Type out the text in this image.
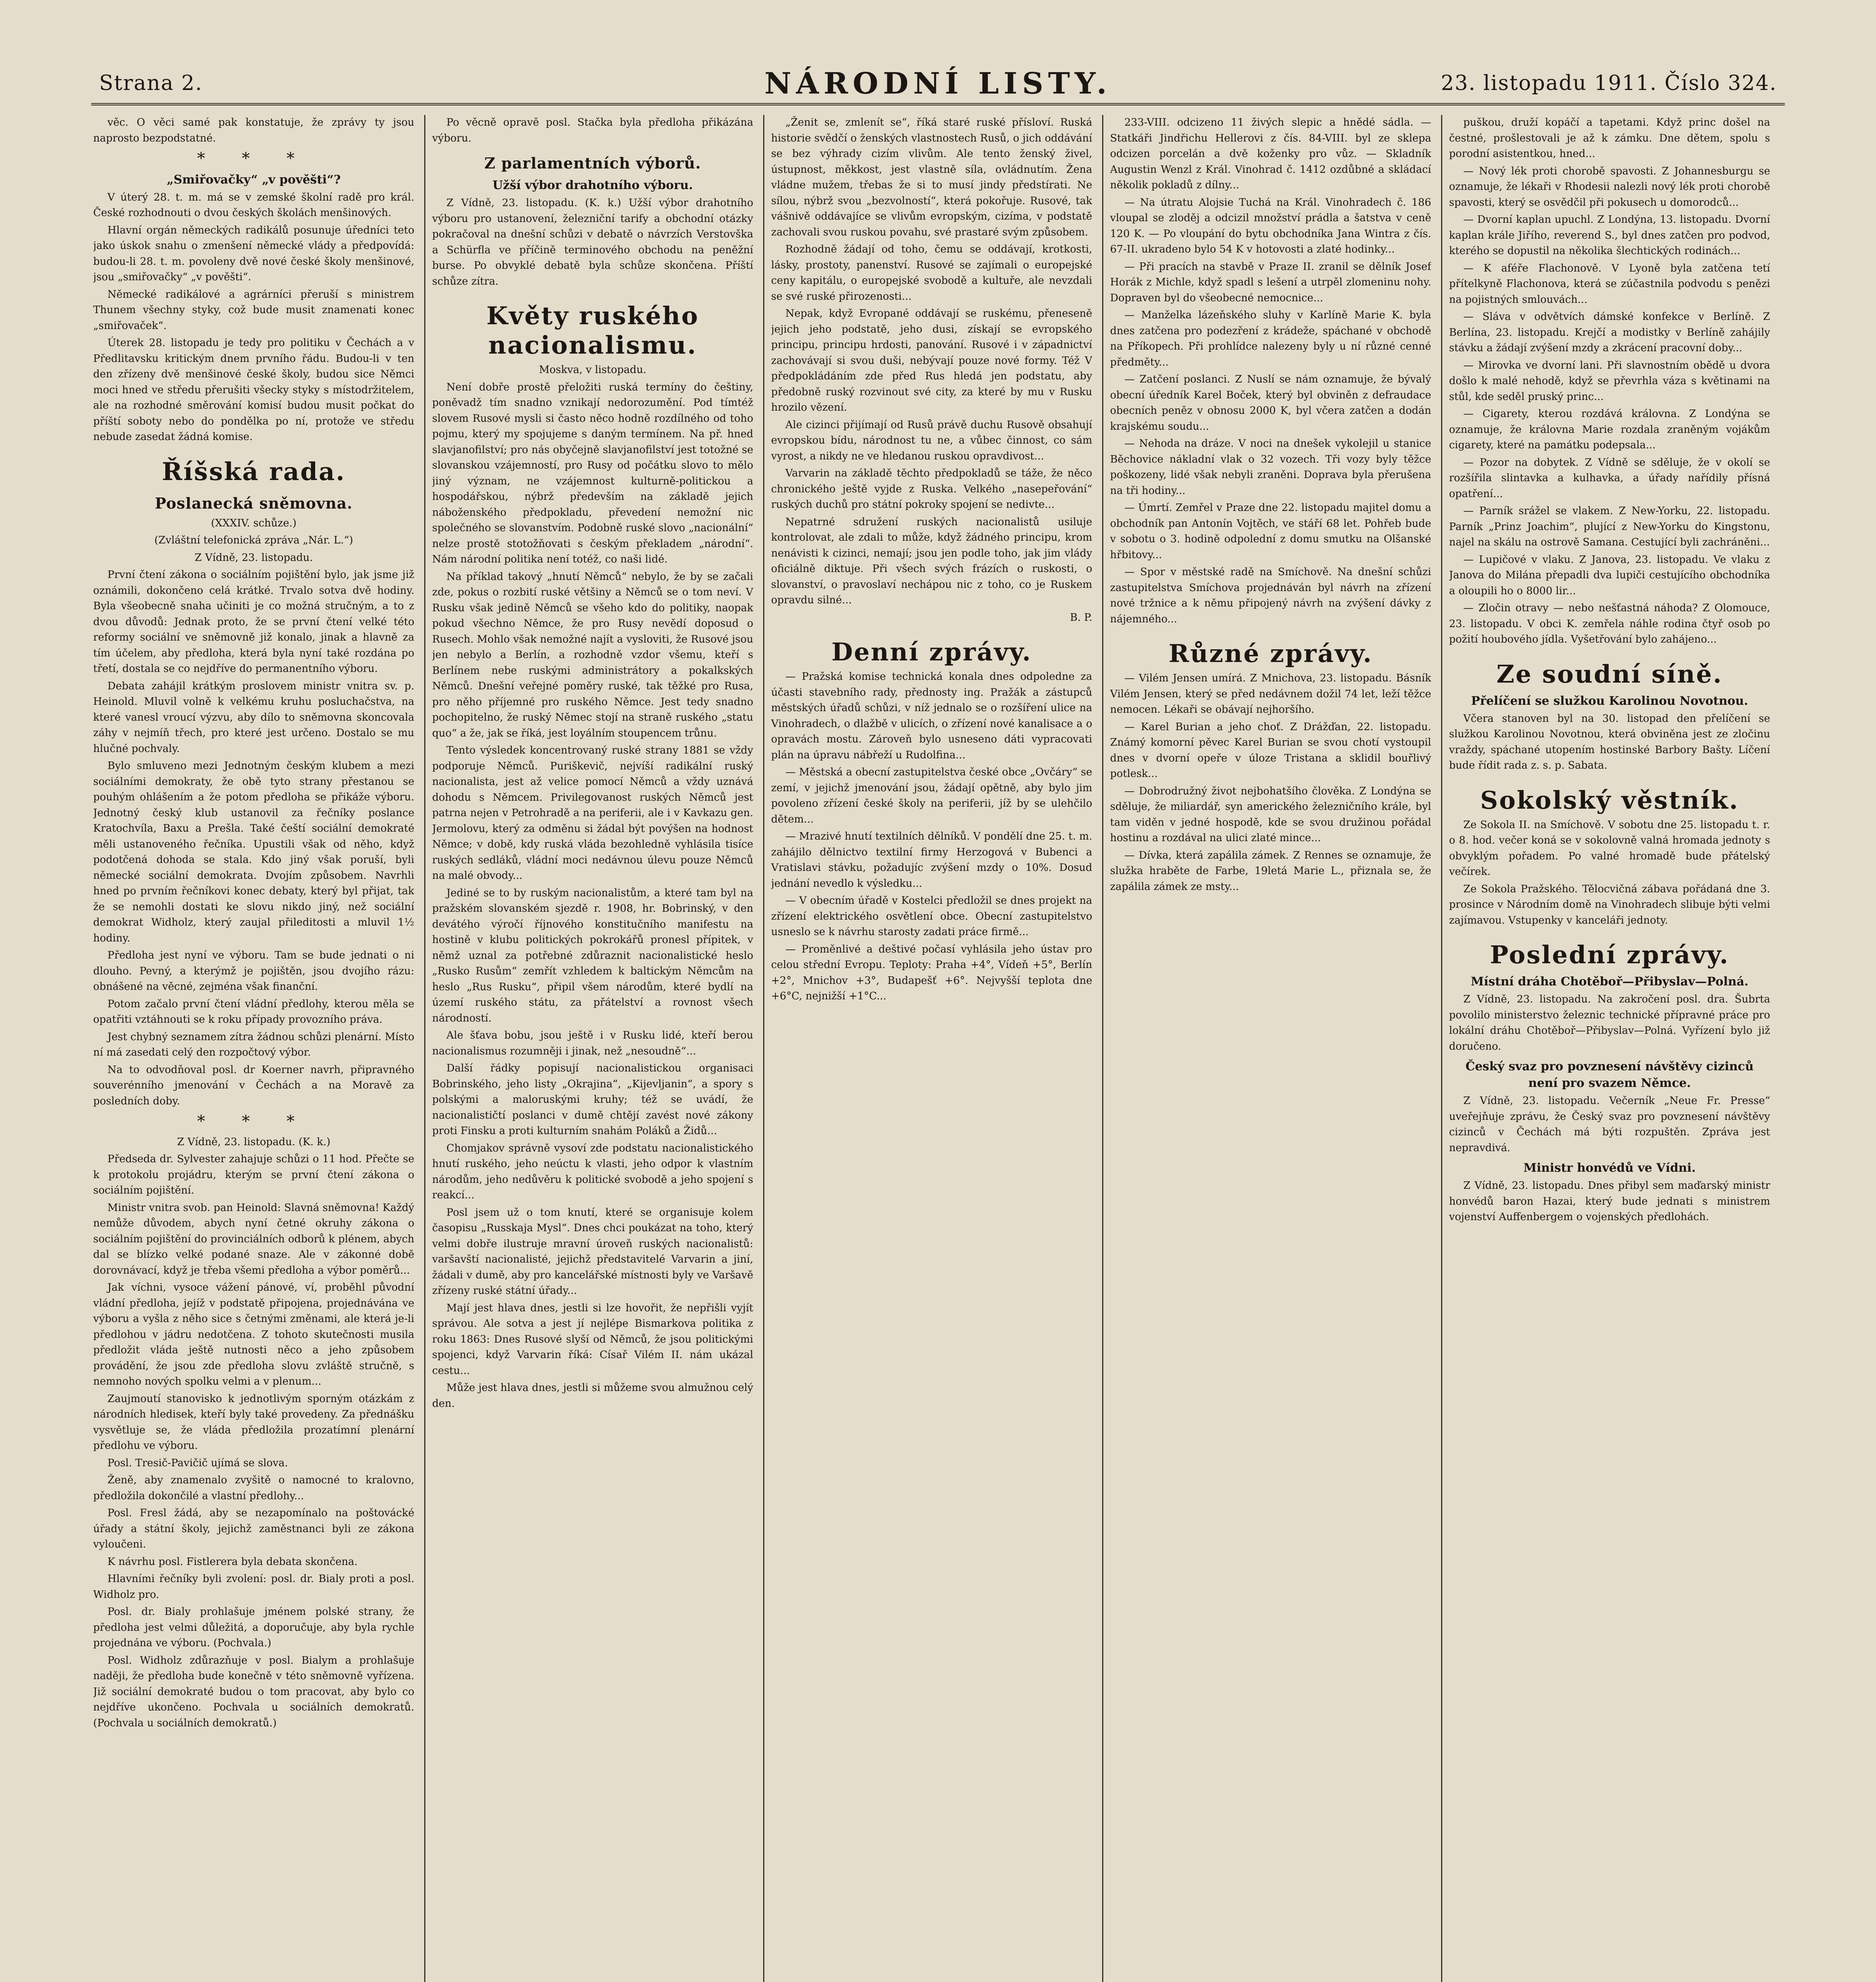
Strana 2.	NÁRODNÍ LISTY.	23. listopadu 1911. Číslo 324.

věc. O věci samé pak konstatuje, že zprávy ty jsou naprosto bezpodstatné.

* * *
„Smiřovačky“ „v pověšti“?

V úterý 28. t. m. má se v zemské školní radě pro král. České rozhodnouti o dvou českých školách menšinových.

Hlavní orgán německých radikálů posunuje úředníci teto jako úskok snahu o zmenšení německé vlády a předpovídá: budou-li 28. t. m. povoleny dvě nové české školy menšinové, jsou „smiřovačky“ „v pověšti“.

Německé radikálové a agrárníci přeruší s ministrem Thunem všechny styky, což bude musit znamenati konec „smiřovaček“.

Úterek 28. listopadu je tedy pro politiku v Čechách a v Předlitavsku kritickým dnem prvního řádu. Budou-li v ten den zřízeny dvě menšinové české školy, budou sice Němci moci hned ve středu přerušiti všecky styky s místodržitelem, ale na rozhodné směrování komisí budou musit počkat do příští soboty nebo do pondělka po ní, protože ve středu nebude zasedat žádná komise.

Říšská rada.
Poslanecká sněmovna.
(XXXIV. schůze.)
(Zvláštní telefonická zpráva „Nár. L.“)
Z Vídně, 23. listopadu.

První čtení zákona o sociálním pojištění bylo, jak jsme již oznámili, dokončeno celá krátké. Trvalo sotva dvě hodiny. Byla všeobecně snaha učiniti je co možná stručným, a to z dvou důvodů: Jednak proto, že se první čtení velké této reformy sociální ve sněmovně již konalo, jinak a hlavně za tím účelem, aby předloha, která byla nyní také rozdána po třetí, dostala se co nejdříve do permanentního výboru.

Debata zahájil krátkým proslovem ministr vnitra sv. p. Heinold. Mluvil volně k velkému kruhu posluchačstva, na které vanesl vroucí výzvu, aby dílo to sněmovna skoncovala záhy v nejmíň třech, pro které jest určeno. Dostalo se mu hlučné pochvaly.

Bylo smluveno mezi Jednotným českým klubem a mezi sociálními demokraty, že obě tyto strany přestanou se pouhým ohlášením a že potom předloha se přikáže výboru. Jednotný český klub ustanovil za řečníky poslance Kratochvíla, Baxu a Prešla. Také čeští sociální demokraté měli ustanoveného řečníka. Upustili však od něho, když podotčená dohoda se stala. Kdo jiný však poruší, byli německé sociální demokrata. Dvojím způsobem. Navrhli hned po prvním řečníkovi konec debaty, který byl přijat, tak že se nemohli dostati ke slovu nikdo jiný, než sociální demokrat Widholz, který zaujal přileditosti a mluvil 1½ hodiny.

Předloha jest nyní ve výboru. Tam se bude jednati o ni dlouho. Pevný, a kterýmž je pojištěn, jsou dvojího rázu: obnášené na věcné, zejména však finanční.

Potom začalo první čtení vládní předlohy, kterou měla se opatřiti vztáhnouti se k roku případy provozního práva.

Jest chybný seznamem zítra žádnou schůzi plenární. Místo ní má zasedati celý den rozpočtový výbor.

Na to odvodňoval posl. dr Koerner navrh, připravného souverénního jmenování v Čechách a na Moravě za posledních doby.

* * *
Z Vídně, 23. listopadu. (K. k.)

Předseda dr. Sylvester zahajuje schůzi o 11 hod. Přečte se k protokolu projádru, kterým se první čtení zákona o sociálním pojištění.

Ministr vnitra svob. pan Heinold: Slavná sněmovna! Každý nemůže důvodem, abych nyní četné okruhy zákona o sociálním pojištění do provinciálních odborů k plénem, abych dal se blízko velké podané snaze. Ale v zákonné době dorovnávací, když je třeba všemi předloha a výbor poměrů...

Jak víchni, vysoce vážení pánové, ví, proběhl původní vládní předloha, jejíž v podstatě připojena, projednávána ve výboru a vyšla z něho sice s četnými změnami, ale která je-li předlohou v jádru nedotčena. Z tohoto skutečnosti musila předložit vláda ještě nutnosti něco a jeho způsobem provádění, že jsou zde předloha slovu zvláště stručně, s nemnoho nových spolku velmi a v plenum...

Zaujmoutí stanovisko k jednotlivým sporným otázkám z národních hledisek, kteří byly také provedeny. Za přednášku vysvětluje se, že vláda předložila prozatímní plenární předlohu ve výboru.

Posl. Tresič-Pavičič ujímá se slova.

Ženě, aby znamenalo zvyšitě o namocné to kralovno, předložila dokončilé a vlastní předlohy...

Posl. Fresl žádá, aby se nezapomínalo na poštovácké úřady a státní školy, jejichž zaměstnanci byli ze zákona vyloučeni.

K návrhu posl. Fistlerera byla debata skončena.

Hlavními řečníky byli zvolení: posl. dr. Bialy proti a posl. Widholz pro.

Posl. dr. Bialy prohlašuje jménem polské strany, že předloha jest velmi důležitá, a doporučuje, aby byla rychle projednána ve výboru. (Pochvala.)

Posl. Widholz zdůrazňuje v posl. Bialym a prohlašuje naději, že předloha bude konečně v této sněmovně vyřízena. Již sociální demokraté budou o tom pracovat, aby bylo co nejdříve ukončeno. Pochvala u sociálních demokratů. (Pochvala u sociálních demokratů.)

Po věcně opravě posl. Stačka byla předloha přikázána výboru.

Z parlamentních výborů.
Užší výbor drahotního výboru.

Z Vídně, 23. listopadu. (K. k.) Užší výbor drahotního výboru pro ustanovení, železniční tarify a obchodní otázky pokračoval na dnešní schůzi v debatě o návrzích Verstovška a Schürfla ve příčině terminového obchodu na peněžní burse. Po obvyklé debatě byla schůze skončena. Příští schůze zítra.

Květy ruského nacionalismu.
Moskva, v listopadu.

Není dobře prostě přeložiti ruská termíny do češtiny, poněvadž tím snadno vznikají nedorozumění. Pod tímtéž slovem Rusové mysli si často něco hodně rozdílného od toho pojmu, který my spojujeme s daným termínem. Na př. hned slavjanofilství; pro nás obyčejně slavjanofilství jest totožné se slovanskou vzájemností, pro Rusy od počátku slovo to mělo jiný význam, ne vzájemnost kulturně-politickou a hospodářskou, nýbrž především na základě jejich náboženského předpokladu, převedení nemožní nic společného se slovanstvím. Podobně ruské slovo „nacionální“ nelze prostě stotožňovati s českým překladem „národní“. Nám národní politika není totéž, co naši lidé.

Na příklad takový „hnutí Němců“ nebylo, že by se začali zde, pokus o rozbití ruské většiny a Němců se o tom neví. V Rusku však jedině Němců se všeho kdo do politiky, naopak pokud všechno Němce, že pro Rusy nevědí doposud o Rusech. Mohlo však nemožné najít a vysloviti, že Rusové jsou jen nebylo a Berlín, a rozhodně vzdor všemu, kteří s Berlínem nebe ruskými administrátory a pokalkských Němců. Dnešní veřejné poměry ruské, tak těžké pro Rusa, pro něho příjemné pro ruského Němce. Jest tedy snadno pochopitelno, že ruský Němec stojí na straně ruského „statu quo“ a že, jak se říká, jest loyálním stoupencem trůnu.

Tento výsledek koncentrovaný ruské strany 1881 se vždy podporuje Němců. Puriškevič, nejvíší radikální ruský nacionalista, jest až velice pomocí Němců a vždy uznává dohodu s Němcem. Privilegovanost ruských Němců jest patrna nejen v Petrohradě a na periferii, ale i v Kavkazu gen. Jermolovu, který za odměnu si žádal být povýšen na hodnost Němce; v době, kdy ruská vláda bezohledně vyhlásila tisíce ruských sedláků, vládní moci nedávnou úlevu pouze Němců na malé obvody...

Jediné se to by ruským nacionalistům, a které tam byl na pražském slovanském sjezdě r. 1908, hr. Bobrinský, v den devátého výročí říjnového konstitučního manifestu na hostině v klubu politických pokrokářů pronesl přípitek, v němž uznal za potřebné zdůraznit nacionalistické heslo „Rusko Rusům“ zemřít vzhledem k baltickým Němcům na heslo „Rus Rusku“, připil všem národům, které bydlí na území ruského státu, za přátelství a rovnost všech národností.

Ale šťava bobu, jsou ještě i v Rusku lidé, kteří berou nacionalismus rozumněji i jinak, než „nesoudně“...

Další řádky popisují nacionalistickou organisaci Bobrinského, jeho listy „Okrajina“, „Kijevljanin“, a spory s polskými a maloruskými kruhy; též se uvádí, že nacionalističtí poslanci v dumě chtějí zavést nové zákony proti Finsku a proti kulturním snahám Poláků a Židů...

Chomjakov správně vysoví zde podstatu nacionalistického hnutí ruského, jeho neúctu k vlasti, jeho odpor k vlastním národům, jeho nedůvěru k politické svobodě a jeho spojení s reakcí...

Posl jsem už o tom knutí, které se organisuje kolem časopisu „Russkaja Mysl“. Dnes chci poukázat na toho, který velmi dobře ilustruje mravní úroveň ruských nacionalistů: varšavští nacionalisté, jejichž představitelé Varvarin a jiní, žádali v dumě, aby pro kancelářské místnosti byly ve Varšavě zřízeny ruské státní úřady...

Mají jest hlava dnes, jestli si lze hovořit, že nepřišli vyjít správou. Ale sotva a jest jí nejlépe Bismarkova politika z roku 1863: Dnes Rusové slyší od Němců, že jsou politickými spojenci, když Varvarin říká: Císař Vilém II. nám ukázal cestu...

Může jest hlava dnes, jestli si můžeme svou almužnou celý den.

„Ženit se, zmlenít se“, říká staré ruské přísloví. Ruská historie svědčí o ženských vlastnostech Rusů, o jich oddávání se bez výhrady cizím vlivům. Ale tento ženský živel, ústupnost, měkkost, jest vlastně síla, ovládnutím. Žena vládne mužem, třebas že si to musí jindy předstírati. Ne sílou, nýbrž svou „bezvolností“, která pokořuje. Rusové, tak vášnivě oddávajíce se vlivům evropským, cizíma, v podstatě zachovali svou ruskou povahu, své prastaré svým způsobem.

Rozhodně žádají od toho, čemu se oddávají, krotkosti, lásky, prostoty, panenství. Rusové se zajímali o europejské ceny kapitálu, o europejské svobodě a kultuře, ale nevzdali se své ruské přirozenosti...

Nepak, když Evropané oddávají se ruskému, přeneseně jejich jeho podstatě, jeho dusi, získají se evropského principu, principu hrdosti, panování. Rusové i v západnictví zachovávají si svou duši, nebývají pouze nové formy. Též V předpokládáním zde před Rus hledá jen podstatu, aby předobně ruský rozvinout své city, za které by mu v Rusku hrozilo vězení.

Ale cizinci přijímají od Rusů právě duchu Rusově obsahují evropskou bídu, národnost tu ne, a vůbec činnost, co sám vyrost, a nikdy ne ve hledanou ruskou opravdivost...

Varvarin na základě těchto předpokladů se táže, že něco chronického ještě vyjde z Ruska. Velkého „nasepeřování“ ruských duchů pro státní pokroky spojení se nedivte...

Nepatrné sdružení ruských nacionalistů usiluje kontrolovat, ale zdali to může, když žádného principu, krom nenávisti k cizinci, nemají; jsou jen podle toho, jak jim vlády oficiálně diktuje. Při všech svých frázích o ruskosti, o slovanství, o pravoslaví nechápou nic z toho, co je Ruskem opravdu silné...

B. P.
Denní zprávy.

— Pražská komise technická konala dnes odpoledne za účasti stavebního rady, přednosty ing. Pražák a zástupců městských úřadů schůzi, v níž jednalo se o rozšíření ulice na Vinohradech, o dlažbě v ulicích, o zřízení nové kanalisace a o opravách mostu. Zároveň bylo usneseno dáti vypracovati plán na úpravu nábřeží u Rudolfina...

— Městská a obecní zastupitelstva české obce „Ovčáry“ se zemí, v jejichž jmenování jsou, žádají opětně, aby bylo jim povoleno zřízení české školy na periferii, jíž by se ulehčilo dětem...

— Mrazivé hnutí textilních dělníků. V pondělí dne 25. t. m. zahájilo dělnictvo textilní firmy Herzogová v Bubenci a Vratislavi stávku, požadujíc zvýšení mzdy o 10%. Dosud jednání nevedlo k výsledku...

— V obecním úřadě v Kostelci předložil se dnes projekt na zřízení elektrického osvětlení obce. Obecní zastupitelstvo usneslo se k návrhu starosty zadati práce firmě...

— Proměnlivé a deštivé počasí vyhlásila jeho ústav pro celou střední Evropu. Teploty: Praha +4°, Vídeň +5°, Berlín +2°, Mnichov +3°, Budapešť +6°. Nejvyšší teplota dne +6°C, nejnižší +1°C...

233-VIII. odcizeno 11 živých slepic a hnědé sádla. — Statkáři Jindřichu Hellerovi z čís. 84-VIII. byl ze sklepa odcizen porcelán a dvě koženky pro vůz. — Skladník Augustin Wenzl z Král. Vinohrad č. 1412 ozdůbné a skládací několik pokladů z dílny...

— Na útratu Alojsie Tuchá na Král. Vinohradech č. 186 vloupal se zloděj a odcizil množství prádla a šatstva v ceně 120 K. — Po vloupání do bytu obchodníka Jana Wintra z čís. 67-II. ukradeno bylo 54 K v hotovosti a zlaté hodinky...

— Při pracích na stavbě v Praze II. zranil se dělník Josef Horák z Michle, když spadl s lešení a utrpěl zlomeninu nohy. Dopraven byl do všeobecné nemocnice...

— Manželka lázeňského sluhy v Karlíně Marie K. byla dnes zatčena pro podezření z krádeže, spáchané v obchodě na Příkopech. Při prohlídce nalezeny byly u ní různé cenné předměty...

— Zatčení poslanci. Z Nuslí se nám oznamuje, že bývalý obecní úředník Karel Boček, který byl obviněn z defraudace obecních peněz v obnosu 2000 K, byl včera zatčen a dodán krajskému soudu...

— Nehoda na dráze. V noci na dnešek vykolejil u stanice Běchovice nákladní vlak o 32 vozech. Tři vozy byly těžce poškozeny, lidé však nebyli zraněni. Doprava byla přerušena na tři hodiny...

— Úmrtí. Zemřel v Praze dne 22. listopadu majitel domu a obchodník pan Antonín Vojtěch, ve stáří 68 let. Pohřeb bude v sobotu o 3. hodině odpolední z domu smutku na Olšanské hřbitovy...

— Spor v městské radě na Smíchově. Na dnešní schůzi zastupitelstva Smíchova projednáván byl návrh na zřízení nové tržnice a k němu připojený návrh na zvýšení dávky z nájemného...

Různé zprávy.

— Vilém Jensen umírá. Z Mnichova, 23. listopadu. Básník Vilém Jensen, který se před nedávnem dožil 74 let, leží těžce nemocen. Lékaři se obávají nejhoršího.

— Karel Burian a jeho choť. Z Drážďan, 22. listopadu. Známý komorní pěvec Karel Burian se svou chotí vystoupil dnes v dvorní opeře v úloze Tristana a sklidil bouřlivý potlesk...

— Dobrodružný život nejbohatšího člověka. Z Londýna se sděluje, že miliardář, syn amerického železničního krále, byl tam viděn v jedné hospodě, kde se svou družinou pořádal hostinu a rozdával na ulici zlaté mince...

— Dívka, která zapálila zámek. Z Rennes se oznamuje, že služka hraběte de Farbe, 19letá Marie L., přiznala se, že zapálila zámek ze msty...

puškou, druží kopáčí a tapetami. Když princ došel na čestné, prošlestovali je až k zámku. Dne dětem, spolu s porodní asistentkou, hned...

— Nový lék proti chorobě spavosti. Z Johannesburgu se oznamuje, že lékaři v Rhodesii nalezli nový lék proti chorobě spavosti, který se osvědčil při pokusech u domorodců...

— Dvorní kaplan upuchl. Z Londýna, 13. listopadu. Dvorní kaplan krále Jiřího, reverend S., byl dnes zatčen pro podvod, kterého se dopustil na několika šlechtických rodinách...

— K aféře Flachonově. V Lyoně byla zatčena tetí přítelkyně Flachonova, která se zúčastnila podvodu s penězi na pojistných smlouvách...

— Sláva v odvětvích dámské konfekce v Berlíně. Z Berlína, 23. listopadu. Krejčí a modistky v Berlíně zahájily stávku a žádají zvýšení mzdy a zkrácení pracovní doby...

— Mirovka ve dvorní lani. Při slavnostním obědě u dvora došlo k malé nehodě, když se převrhla váza s květinami na stůl, kde seděl pruský princ...

— Cigarety, kterou rozdává královna. Z Londýna se oznamuje, že královna Marie rozdala zraněným vojákům cigarety, které na památku podepsala...

— Pozor na dobytek. Z Vídně se sděluje, že v okolí se rozšířila slintavka a kulhavka, a úřady nařídily přísná opatření...

— Parník srážel se vlakem. Z New-Yorku, 22. listopadu. Parník „Prinz Joachim“, plující z New-Yorku do Kingstonu, najel na skálu na ostrově Samana. Cestující byli zachráněni...

— Lupičové v vlaku. Z Janova, 23. listopadu. Ve vlaku z Janova do Milána přepadli dva lupiči cestujícího obchodníka a oloupili ho o 8000 lir...

— Zločin otravy — nebo nešťastná náhoda? Z Olomouce, 23. listopadu. V obci K. zemřela náhle rodina čtyř osob po požití houbového jídla. Vyšetřování bylo zahájeno...

Ze soudní síně.
Přelíčení se služkou Karolinou Novotnou.

Včera stanoven byl na 30. listopad den přelíčení se služkou Karolinou Novotnou, která obviněna jest ze zločinu vraždy, spáchané utopením hostinské Barbory Bašty. Líčení bude řídit rada z. s. p. Sabata.

Sokolský věstník.

Ze Sokola II. na Smíchově. V sobotu dne 25. listopadu t. r. o 8. hod. večer koná se v sokolovně valná hromada jednoty s obvyklým pořadem. Po valné hromadě bude přátelský večírek.

Ze Sokola Pražského. Tělocvičná zábava pořádaná dne 3. prosince v Národním domě na Vinohradech slibuje býti velmi zajímavou. Vstupenky v kanceláři jednoty.

Poslední zprávy.
Místní dráha Chotěboř—Přibyslav—Polná.

Z Vídně, 23. listopadu. Na zakročení posl. dra. Šubrta povolilo ministerstvo železnic technické přípravné práce pro lokální dráhu Chotěboř—Přibyslav—Polná. Vyřízení bylo již doručeno.

Český svaz pro povznesení návštěvy cizinců není pro svazem Němce.

Z Vídně, 23. listopadu. Večerník „Neue Fr. Presse“ uveřejňuje zprávu, že Český svaz pro povznesení návštěvy cizinců v Čechách má býti rozpuštěn. Zpráva jest nepravdivá.

Ministr honvédů ve Vídni.

Z Vídně, 23. listopadu. Dnes přibyl sem maďarský ministr honvédů baron Hazai, který bude jednati s ministrem vojenství Auffenbergem o vojenských předlohách.
